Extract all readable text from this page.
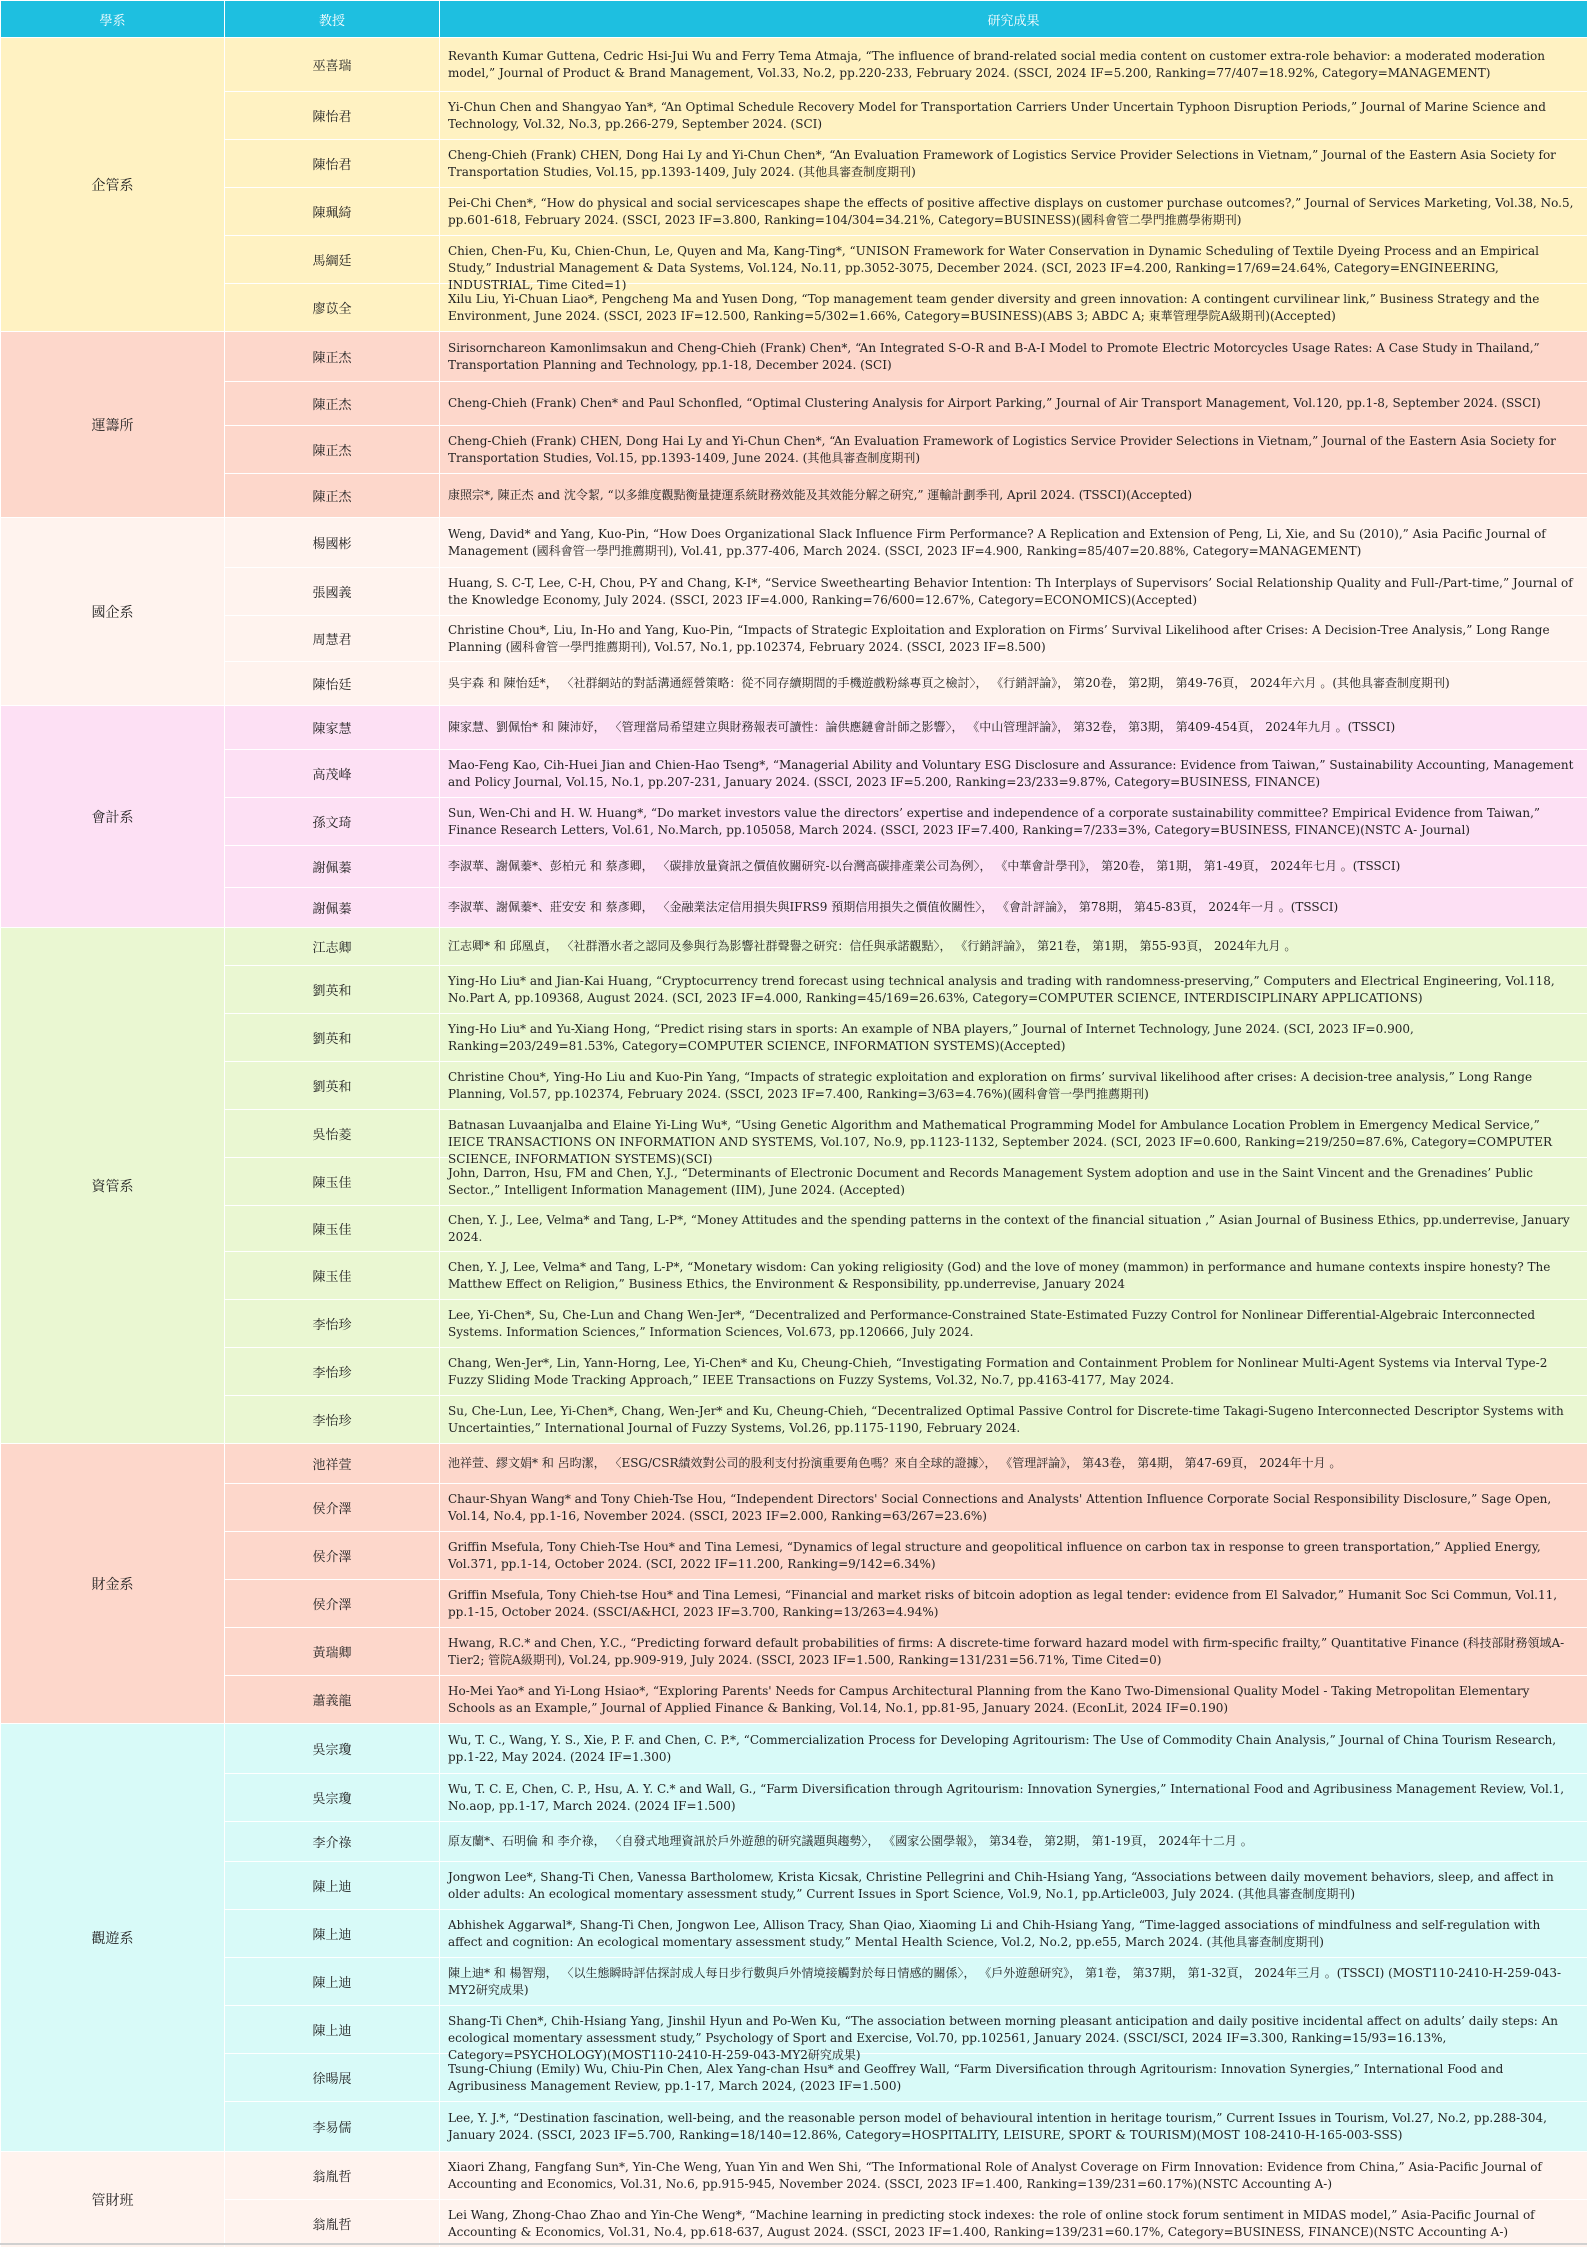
學系	教授	研究成果
企管系	巫喜瑞	Revanth Kumar Guttena, Cedric Hsi-Jui Wu and Ferry Tema Atmaja, “The influence of brand-related social media content on customer extra-role behavior: a moderated moderation model,” Journal of Product & Brand Management, Vol.33, No.2, pp.220-233, February 2024. (SSCI, 2024 IF=5.200, Ranking=77/407=18.92%, Category=MANAGEMENT)

	陳怡君	Yi-Chun Chen and Shangyao Yan*, “An Optimal Schedule Recovery Model for Transportation Carriers Under Uncertain Typhoon Disruption Periods,” Journal of Marine Science and Technology, Vol.32, No.3, pp.266-279, September 2024. (SCI)

	陳怡君	Cheng-Chieh (Frank) CHEN, Dong Hai Ly and Yi-Chun Chen*, “An Evaluation Framework of Logistics Service Provider Selections in Vietnam,” Journal of the Eastern Asia Society for Transportation Studies, Vol.15, pp.1393-1409, July 2024. (其他具審查制度期刊)

	陳珮綺	Pei-Chi Chen*, “How do physical and social servicescapes shape the effects of positive affective displays on customer purchase outcomes?,” Journal of Services Marketing, Vol.38, No.5, pp.601-618, February 2024. (SSCI, 2023 IF=3.800, Ranking=104/304=34.21%, Category=BUSINESS)(國科會管二學門推薦學術期刊)

	馬綱廷	Chien, Chen-Fu, Ku, Chien-Chun, Le, Quyen and Ma, Kang-Ting*, “UNISON Framework for Water Conservation in Dynamic Scheduling of Textile Dyeing Process and an Empirical Study,” Industrial Management & Data Systems, Vol.124, No.11, pp.3052-3075, December 2024. (SCI, 2023 IF=4.200, Ranking=17/69=24.64%, Category=ENGINEERING, INDUSTRIAL, Time Cited=1)

	廖苡全	Xilu Liu, Yi-Chuan Liao*, Pengcheng Ma and Yusen Dong, “Top management team gender diversity and green innovation: A contingent curvilinear link,” Business Strategy and the Environment, June 2024. (SSCI, 2023 IF=12.500, Ranking=5/302=1.66%, Category=BUSINESS)(ABS 3; ABDC A; 東華管理學院A級期刊)(Accepted)

運籌所	陳正杰	Sirisornchareon Kamonlimsakun and Cheng-Chieh (Frank) Chen*, “An Integrated S-O-R and B-A-I Model to Promote Electric Motorcycles Usage Rates: A Case Study in Thailand,” Transportation Planning and Technology, pp.1-18, December 2024. (SCI)

	陳正杰	Cheng-Chieh (Frank) Chen* and Paul Schonfled, “Optimal Clustering Analysis for Airport Parking,” Journal of Air Transport Management, Vol.120, pp.1-8, September 2024. (SSCI)

	陳正杰	Cheng-Chieh (Frank) CHEN, Dong Hai Ly and Yi-Chun Chen*, “An Evaluation Framework of Logistics Service Provider Selections in Vietnam,” Journal of the Eastern Asia Society for Transportation Studies, Vol.15, pp.1393-1409, June 2024. (其他具審查制度期刊)

	陳正杰	康照宗*, 陳正杰 and 沈令絜, “以多維度觀點衡量捷運系統財務效能及其效能分解之研究,” 運輸計劃季刊, April 2024. (TSSCI)(Accepted)

國企系	楊國彬	Weng, David* and Yang, Kuo-Pin, “How Does Organizational Slack Influence Firm Performance? A Replication and Extension of Peng, Li, Xie, and Su (2010),” Asia Pacific Journal of Management (國科會管一學門推薦期刊), Vol.41, pp.377-406, March 2024. (SSCI, 2023 IF=4.900, Ranking=85/407=20.88%, Category=MANAGEMENT)

	張國義	Huang, S. C-T, Lee, C-H, Chou, P-Y and Chang, K-I*, “Service Sweethearting Behavior Intention: Th Interplays of Supervisors’ Social Relationship Quality and Full-/Part-time,” Journal of the Knowledge Economy, July 2024. (SSCI, 2023 IF=4.000, Ranking=76/600=12.67%, Category=ECONOMICS)(Accepted)

	周慧君	Christine Chou*, Liu, In-Ho and Yang, Kuo-Pin, “Impacts of Strategic Exploitation and Exploration on Firms’ Survival Likelihood after Crises: A Decision-Tree Analysis,” Long Range Planning (國科會管一學門推薦期刊), Vol.57, No.1, pp.102374, February 2024. (SSCI, 2023 IF=8.500)

	陳怡廷	吳宇森 和 陳怡廷*， 〈社群網站的對話溝通經營策略：從不同存續期間的手機遊戲粉絲專頁之檢討〉， 《行銷評論》， 第20卷， 第2期， 第49-76頁， 2024年六月 。(其他具審查制度期刊)

會計系	陳家慧	陳家慧、劉佩怡* 和 陳沛妤， 〈管理當局希望建立與財務報表可讀性：論供應鏈會計師之影響〉， 《中山管理評論》， 第32卷， 第3期， 第409-454頁， 2024年九月 。(TSSCI)

	高茂峰	Mao-Feng Kao, Cih-Huei Jian and Chien-Hao Tseng*, “Managerial Ability and Voluntary ESG Disclosure and Assurance: Evidence from Taiwan,” Sustainability Accounting, Management and Policy Journal, Vol.15, No.1, pp.207-231, January 2024. (SSCI, 2023 IF=5.200, Ranking=23/233=9.87%, Category=BUSINESS, FINANCE)

	孫文琦	Sun, Wen-Chi and H. W. Huang*, “Do market investors value the directors’ expertise and independence of a corporate sustainability committee? Empirical Evidence from Taiwan,” Finance Research Letters, Vol.61, No.March, pp.105058, March 2024. (SSCI, 2023 IF=7.400, Ranking=7/233=3%, Category=BUSINESS, FINANCE)(NSTC A- Journal)

	謝佩蓁	李淑華、謝佩蓁*、彭柏元 和 蔡彥卿， 〈碳排放量資訊之價值攸關研究-以台灣高碳排產業公司為例〉， 《中華會計學刊》， 第20卷， 第1期， 第1-49頁， 2024年七月 。(TSSCI)

	謝佩蓁	李淑華、謝佩蓁*、莊安安 和 蔡彥卿， 〈金融業法定信用損失與IFRS9 預期信用損失之價值攸關性〉， 《會計評論》， 第78期， 第45-83頁， 2024年一月 。(TSSCI)

資管系	江志卿	江志卿* 和 邱凰貞， 〈社群潛水者之認同及參與行為影響社群聲譽之研究：信任與承諾觀點〉， 《行銷評論》， 第21卷， 第1期， 第55-93頁， 2024年九月 。

	劉英和	Ying-Ho Liu* and Jian-Kai Huang, “Cryptocurrency trend forecast using technical analysis and trading with randomness-preserving,” Computers and Electrical Engineering, Vol.118, No.Part A, pp.109368, August 2024. (SCI, 2023 IF=4.000, Ranking=45/169=26.63%, Category=COMPUTER SCIENCE, INTERDISCIPLINARY APPLICATIONS)

	劉英和	Ying-Ho Liu* and Yu-Xiang Hong, “Predict rising stars in sports: An example of NBA players,” Journal of Internet Technology, June 2024. (SCI, 2023 IF=0.900, Ranking=203/249=81.53%, Category=COMPUTER SCIENCE, INFORMATION SYSTEMS)(Accepted)

	劉英和	Christine Chou*, Ying-Ho Liu and Kuo-Pin Yang, “Impacts of strategic exploitation and exploration on firms’ survival likelihood after crises: A decision-tree analysis,” Long Range Planning, Vol.57, pp.102374, February 2024. (SSCI, 2023 IF=7.400, Ranking=3/63=4.76%)(國科會管一學門推薦期刊)

	吳怡菱	Batnasan Luvaanjalba and Elaine Yi-Ling Wu*, “Using Genetic Algorithm and Mathematical Programming Model for Ambulance Location Problem in Emergency Medical Service,” IEICE TRANSACTIONS ON INFORMATION AND SYSTEMS, Vol.107, No.9, pp.1123-1132, September 2024. (SCI, 2023 IF=0.600, Ranking=219/250=87.6%, Category=COMPUTER SCIENCE, INFORMATION SYSTEMS)(SCI)

	陳玉佳	John, Darron, Hsu, FM and Chen, Y.J., “Determinants of Electronic Document and Records Management System adoption and use in the Saint Vincent and the Grenadines’ Public Sector.,” Intelligent Information Management (IIM), June 2024. (Accepted)

	陳玉佳	Chen, Y. J., Lee, Velma* and Tang, L-P*, “Money Attitudes and the spending patterns in the context of the financial situation ,” Asian Journal of Business Ethics, pp.underrevise, January 2024.

	陳玉佳	Chen, Y. J, Lee, Velma* and Tang, L-P*, “Monetary wisdom: Can yoking religiosity (God) and the love of money (mammon) in performance and humane contexts inspire honesty? The Matthew Effect on Religion,” Business Ethics, the Environment & Responsibility, pp.underrevise, January 2024

	李怡珍	Lee, Yi-Chen*, Su, Che-Lun and Chang Wen-Jer*, “Decentralized and Performance-Constrained State-Estimated Fuzzy Control for Nonlinear Differential-Algebraic Interconnected Systems. Information Sciences,” Information Sciences, Vol.673, pp.120666, July 2024.

	李怡珍	Chang, Wen-Jer*, Lin, Yann-Horng, Lee, Yi-Chen* and Ku, Cheung-Chieh, “Investigating Formation and Containment Problem for Nonlinear Multi-Agent Systems via Interval Type-2 Fuzzy Sliding Mode Tracking Approach,” IEEE Transactions on Fuzzy Systems, Vol.32, No.7, pp.4163-4177, May 2024.

	李怡珍	Su, Che-Lun, Lee, Yi-Chen*, Chang, Wen-Jer* and Ku, Cheung-Chieh, “Decentralized Optimal Passive Control for Discrete-time Takagi-Sugeno Interconnected Descriptor Systems with Uncertainties,” International Journal of Fuzzy Systems, Vol.26, pp.1175-1190, February 2024.

財金系	池祥萱	池祥萱、繆文娟* 和 呂昀潔， 〈ESG/CSR績效對公司的股利支付扮演重要角色嗎？來自全球的證據〉， 《管理評論》， 第43卷， 第4期， 第47-69頁， 2024年十月 。

	侯介澤	Chaur-Shyan Wang* and Tony Chieh-Tse Hou, “Independent Directors' Social Connections and Analysts' Attention Influence Corporate Social Responsibility Disclosure,” Sage Open, Vol.14, No.4, pp.1-16, November 2024. (SSCI, 2023 IF=2.000, Ranking=63/267=23.6%)

	侯介澤	Griffin Msefula, Tony Chieh-Tse Hou* and Tina Lemesi, “Dynamics of legal structure and geopolitical influence on carbon tax in response to green transportation,” Applied Energy, Vol.371, pp.1-14, October 2024. (SCI, 2022 IF=11.200, Ranking=9/142=6.34%)

	侯介澤	Griffin Msefula, Tony Chieh-tse Hou* and Tina Lemesi, “Financial and market risks of bitcoin adoption as legal tender: evidence from El Salvador,” Humanit Soc Sci Commun, Vol.11, pp.1-15, October 2024. (SSCI/A&HCI, 2023 IF=3.700, Ranking=13/263=4.94%)

	黃瑞卿	Hwang, R.C.* and Chen, Y.C., “Predicting forward default probabilities of firms: A discrete-time forward hazard model with firm-specific frailty,” Quantitative Finance (科技部財務領域A-Tier2; 管院A級期刊), Vol.24, pp.909-919, July 2024. (SSCI, 2023 IF=1.500, Ranking=131/231=56.71%, Time Cited=0)

	蕭義龍	Ho-Mei Yao* and Yi-Long Hsiao*, “Exploring Parents' Needs for Campus Architectural Planning from the Kano Two-Dimensional Quality Model - Taking Metropolitan Elementary Schools as an Example,” Journal of Applied Finance & Banking, Vol.14, No.1, pp.81-95, January 2024. (EconLit, 2024 IF=0.190)

觀遊系	吳宗瓊	Wu, T. C., Wang, Y. S., Xie, P. F. and Chen, C. P.*, “Commercialization Process for Developing Agritourism: The Use of Commodity Chain Analysis,” Journal of China Tourism Research, pp.1-22, May 2024. (2024 IF=1.300)

	吳宗瓊	Wu, T. C. E, Chen, C. P., Hsu, A. Y. C.* and Wall, G., “Farm Diversification through Agritourism: Innovation Synergies,” International Food and Agribusiness Management Review, Vol.1, No.aop, pp.1-17, March 2024. (2024 IF=1.500)

	李介祿	原友蘭*、石明倫 和 李介祿， 〈自發式地理資訊於戶外遊憩的研究議題與趨勢〉， 《國家公園學報》， 第34卷， 第2期， 第1-19頁， 2024年十二月 。

	陳上迪	Jongwon Lee*, Shang-Ti Chen, Vanessa Bartholomew, Krista Kicsak, Christine Pellegrini and Chih-Hsiang Yang, “Associations between daily movement behaviors, sleep, and affect in older adults: An ecological momentary assessment study,” Current Issues in Sport Science, Vol.9, No.1, pp.Article003, July 2024. (其他具審查制度期刊)

	陳上迪	Abhishek Aggarwal*, Shang-Ti Chen, Jongwon Lee, Allison Tracy, Shan Qiao, Xiaoming Li and Chih-Hsiang Yang, “Time-lagged associations of mindfulness and self-regulation with affect and cognition: An ecological momentary assessment study,” Mental Health Science, Vol.2, No.2, pp.e55, March 2024. (其他具審查制度期刊)

	陳上迪	陳上迪* 和 楊智翔， 〈以生態瞬時評估探討成人每日步行數與戶外情境接觸對於每日情感的關係〉， 《戶外遊憩研究》， 第1卷， 第37期， 第1-32頁， 2024年三月 。(TSSCI) (MOST110-2410-H-259-043-MY2研究成果)

	陳上迪	Shang-Ti Chen*, Chih-Hsiang Yang, Jinshil Hyun and Po-Wen Ku, “The association between morning pleasant anticipation and daily positive incidental affect on adults’ daily steps: An ecological momentary assessment study,” Psychology of Sport and Exercise, Vol.70, pp.102561, January 2024. (SSCI/SCI, 2024 IF=3.300, Ranking=15/93=16.13%, Category=PSYCHOLOGY)(MOST110-2410-H-259-043-MY2研究成果)

	徐暘展	Tsung-Chiung (Emily) Wu, Chiu-Pin Chen, Alex Yang-chan Hsu* and Geoffrey Wall, “Farm Diversification through Agritourism: Innovation Synergies,” International Food and Agribusiness Management Review, pp.1-17, March 2024, (2023 IF=1.500)

	李易儒	Lee, Y. J.*, “Destination fascination, well-being, and the reasonable person model of behavioural intention in heritage tourism,” Current Issues in Tourism, Vol.27, No.2, pp.288-304, January 2024. (SSCI, 2023 IF=5.700, Ranking=18/140=12.86%, Category=HOSPITALITY, LEISURE, SPORT & TOURISM)(MOST 108-2410-H-165-003-SSS)

管財班	翁胤哲	Xiaori Zhang, Fangfang Sun*, Yin-Che Weng, Yuan Yin and Wen Shi, “The Informational Role of Analyst Coverage on Firm Innovation: Evidence from China,” Asia-Pacific Journal of Accounting and Economics, Vol.31, No.6, pp.915-945, November 2024. (SSCI, 2023 IF=1.400, Ranking=139/231=60.17%)(NSTC Accounting A-)

	翁胤哲	Lei Wang, Zhong-Chao Zhao and Yin-Che Weng*, “Machine learning in predicting stock indexes: the role of online stock forum sentiment in MIDAS model,” Asia-Pacific Journal of Accounting & Economics, Vol.31, No.4, pp.618-637, August 2024. (SSCI, 2023 IF=1.400, Ranking=139/231=60.17%, Category=BUSINESS, FINANCE)(NSTC Accounting A-)
